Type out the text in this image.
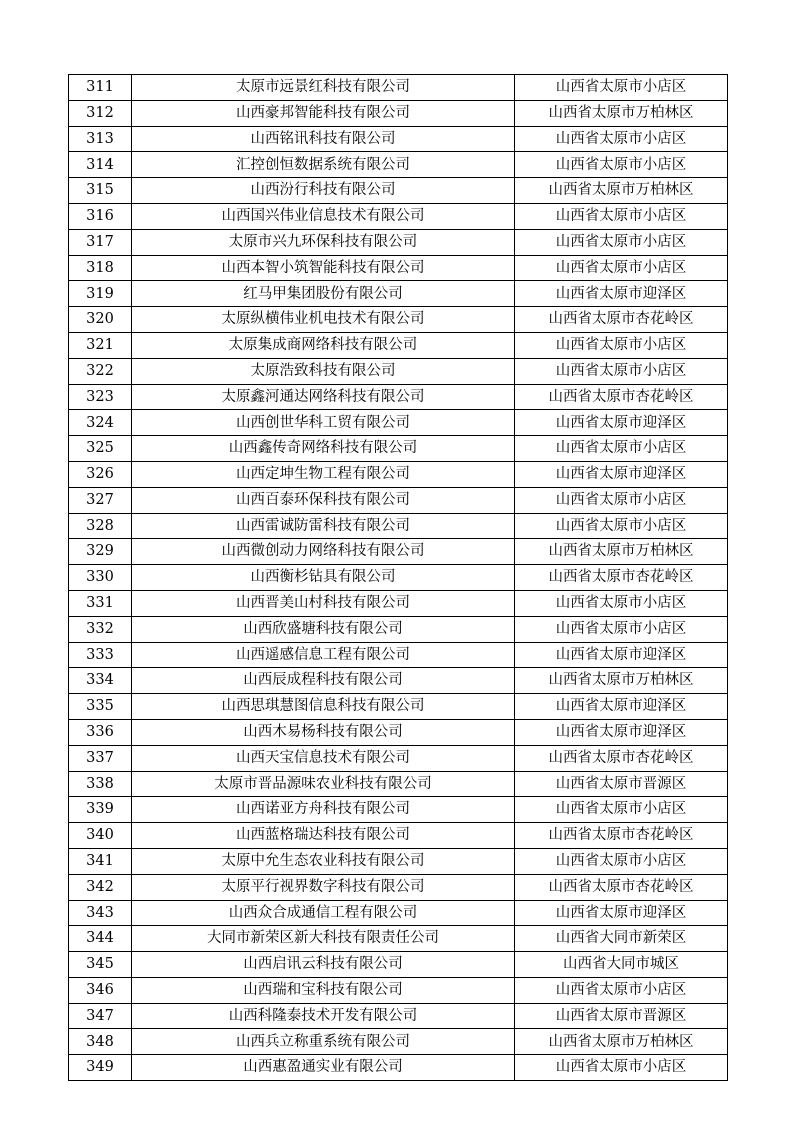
311	太原市远景红科技有限公司	山西省太原市小店区
312	山西豪邦智能科技有限公司	山西省太原市万柏林区
313	山西铭讯科技有限公司	山西省太原市小店区
314	汇控创恒数据系统有限公司	山西省太原市小店区
315	山西汾行科技有限公司	山西省太原市万柏林区
316	山西国兴伟业信息技术有限公司	山西省太原市小店区
317	太原市兴九环保科技有限公司	山西省太原市小店区
318	山西本智小筑智能科技有限公司	山西省太原市小店区
319	红马甲集团股份有限公司	山西省太原市迎泽区
320	太原纵横伟业机电技术有限公司	山西省太原市杏花岭区
321	太原集成商网络科技有限公司	山西省太原市小店区
322	太原浩致科技有限公司	山西省太原市小店区
323	太原鑫河通达网络科技有限公司	山西省太原市杏花岭区
324	山西创世华科工贸有限公司	山西省太原市迎泽区
325	山西鑫传奇网络科技有限公司	山西省太原市小店区
326	山西定坤生物工程有限公司	山西省太原市迎泽区
327	山西百泰环保科技有限公司	山西省太原市小店区
328	山西雷诚防雷科技有限公司	山西省太原市小店区
329	山西微创动力网络科技有限公司	山西省太原市万柏林区
330	山西衡杉钻具有限公司	山西省太原市杏花岭区
331	山西晋美山村科技有限公司	山西省太原市小店区
332	山西欣盛塘科技有限公司	山西省太原市小店区
333	山西遥感信息工程有限公司	山西省太原市迎泽区
334	山西辰成程科技有限公司	山西省太原市万柏林区
335	山西思琪慧图信息科技有限公司	山西省太原市迎泽区
336	山西木易杨科技有限公司	山西省太原市迎泽区
337	山西天宝信息技术有限公司	山西省太原市杏花岭区
338	太原市晋品源味农业科技有限公司	山西省太原市晋源区
339	山西诺亚方舟科技有限公司	山西省太原市小店区
340	山西蓝格瑞达科技有限公司	山西省太原市杏花岭区
341	太原中允生态农业科技有限公司	山西省太原市小店区
342	太原平行视界数字科技有限公司	山西省太原市杏花岭区
343	山西众合成通信工程有限公司	山西省太原市迎泽区
344	大同市新荣区新大科技有限责任公司	山西省大同市新荣区
345	山西启讯云科技有限公司	山西省大同市城区
346	山西瑞和宝科技有限公司	山西省太原市小店区
347	山西科隆泰技术开发有限公司	山西省太原市晋源区
348	山西兵立称重系统有限公司	山西省太原市万柏林区
349	山西惠盈通实业有限公司	山西省太原市小店区
